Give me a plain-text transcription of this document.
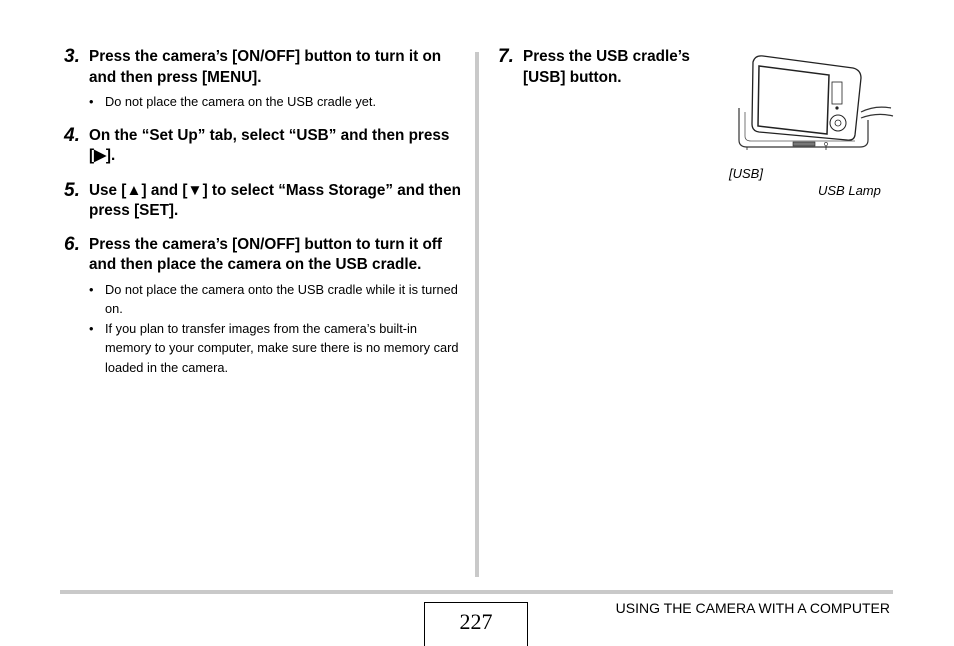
3. Press the camera’s [ON/OFF] button to turn it on and then press [MENU].
• Do not place the camera on the USB cradle yet.
4. On the “Set Up” tab, select “USB” and then press [▶].
5. Use [▲] and [▼] to select “Mass Storage” and then press [SET].
6. Press the camera’s [ON/OFF] button to turn it off and then place the camera on the USB cradle.
• Do not place the camera onto the USB cradle while it is turned on.
• If you plan to transfer images from the camera’s built-in memory to your computer, make sure there is no memory card loaded in the camera.
7. Press the USB cradle’s [USB] button.
[USB]
USB Lamp
227
USING THE CAMERA WITH A COMPUTER
